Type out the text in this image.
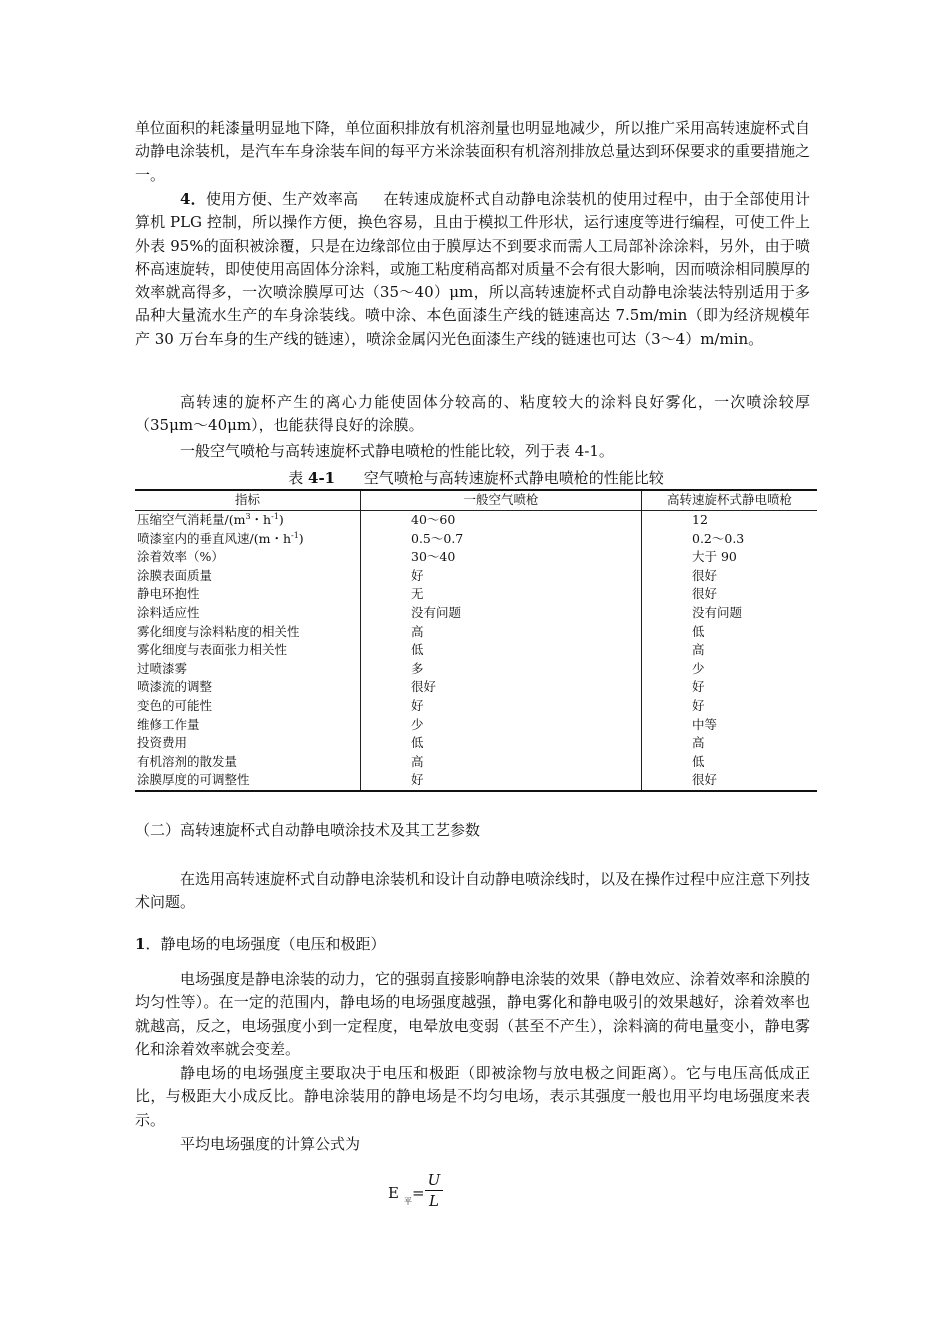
单位面积的耗漆量明显地下降，单位面积排放有机溶剂量也明显地减少，所以推广采用高转速旋杯式自动静电涂装机，是汽车车身涂装车间的每平方米涂装面积有机溶剂排放总量达到环保要求的重要措施之一。

4．使用方便、生产效率高 在转速成旋杯式自动静电涂装机的使用过程中，由于全部使用计算机 PLG 控制，所以操作方便，换色容易，且由于模拟工件形状，运行速度等进行编程，可使工件上外表 95%的面积被涂覆，只是在边缘部位由于膜厚达不到要求而需人工局部补涂涂料，另外，由于喷杯高速旋转，即使使用高固体分涂料，或施工粘度稍高都对质量不会有很大影响，因而喷涂相同膜厚的效率就高得多，一次喷涂膜厚可达（35～40）μm，所以高转速旋杯式自动静电涂装法特别适用于多品种大量流水生产的车身涂装线。喷中涂、本色面漆生产线的链速高达 7.5m/min（即为经济规模年产 30 万台车身的生产线的链速），喷涂金属闪光色面漆生产线的链速也可达（3～4）m/min。

高转速的旋杯产生的离心力能使固体分较高的、粘度较大的涂料良好雾化，一次喷涂较厚（35μm～40μm），也能获得良好的涂膜。

一般空气喷枪与高转速旋杯式静电喷枪的性能比较，列于表 4-1。

表 4-1 空气喷枪与高转速旋杯式静电喷枪的性能比较
指标	一般空气喷枪	高转速旋杯式静电喷枪
压缩空气消耗量$/(m^3$・$h^{-1}$)	40～60	12
喷漆室内的垂直风速/(m・$h^{-1}$)	0.5～0.7	0.2～0.3
涂着效率（%）	30～40	大于 90
涂膜表面质量	好	很好
静电环抱性	无	很好
涂料适应性	没有问题	没有问题
雾化细度与涂料粘度的相关性	高	低
雾化细度与表面张力相关性	低	高
过喷漆雾	多	少
喷漆流的调整	很好	好
变色的可能性	好	好
维修工作量	少	中等
投资费用	低	高
有机溶剂的散发量	高	低
涂膜厚度的可调整性	好	很好
（二）高转速旋杯式自动静电喷涂技术及其工艺参数

在选用高转速旋杯式自动静电涂装机和设计自动静电喷涂线时，以及在操作过程中应注意下列技术问题。

1．静电场的电场强度（电压和极距）

电场强度是静电涂装的动力，它的强弱直接影响静电涂装的效果（静电效应、涂着效率和涂膜的均匀性等）。在一定的范围内，静电场的电场强度越强，静电雾化和静电吸引的效果越好，涂着效率也就越高，反之，电场强度小到一定程度，电晕放电变弱（甚至不产生），涂料滴的荷电量变小，静电雾化和涂着效率就会变差。

静电场的电场强度主要取决于电压和极距（即被涂物与放电极之间距离）。它与电压高低成正比，与极距大小成反比。静电涂装用的静电场是不均匀电场，表示其强度一般也用平均电场强度来表示。

平均电场强度的计算公式为

E 平 =
U
L
